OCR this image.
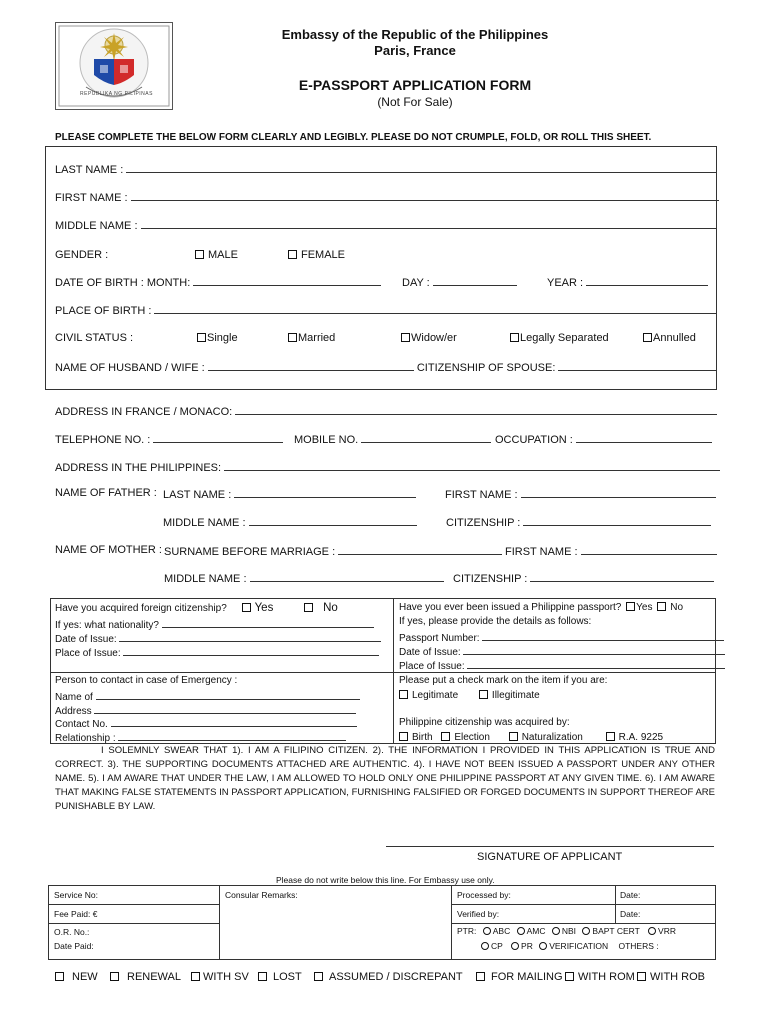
REPUBLIKA NG PILIPINAS
Embassy of the Republic of the Philippines
Paris, France
E-PASSPORT APPLICATION FORM
(Not For Sale)
PLEASE COMPLETE THE BELOW FORM CLEARLY AND LEGIBLY. PLEASE DO NOT CRUMPLE, FOLD, OR ROLL THIS SHEET.
LAST NAME :
FIRST NAME :
MIDDLE NAME :
GENDER :	MALE	FEMALE
DATE OF BIRTH : MONTH:	DAY :	YEAR :
PLACE OF BIRTH :
CIVIL STATUS :	Single	Married	Widow/er	Legally Separated	Annulled
NAME OF HUSBAND / WIFE :	CITIZENSHIP OF SPOUSE:
ADDRESS IN FRANCE / MONACO:
TELEPHONE NO. :	MOBILE NO.	OCCUPATION :
ADDRESS IN THE PHILIPPINES:
NAME OF FATHER : LAST NAME :	FIRST NAME :
MIDDLE NAME :	CITIZENSHIP :
NAME OF MOTHER : SURNAME BEFORE MARRIAGE :	FIRST NAME :
MIDDLE NAME :	CITIZENSHIP :
Have you acquired foreign citizenship? Yes	No
If yes: what nationality?
Date of Issue:
Place of Issue:
Have you ever been issued a Philippine passport? Yes No
If yes, please provide the details as follows:
Passport Number:
Date of Issue:
Place of Issue:
Person to contact in case of Emergency :
Name of
Address
Contact No.
Relationship :
Please put a check mark on the item if you are:
Legitimate	Illegitimate
Philippine citizenship was acquired by:
Birth Election	Naturalization	R.A. 9225
I SOLEMNLY SWEAR THAT 1). I AM A FILIPINO CITIZEN. 2). THE INFORMATION I PROVIDED IN THIS APPLICATION IS TRUE AND CORRECT. 3). THE SUPPORTING DOCUMENTS ATTACHED ARE AUTHENTIC. 4). I HAVE NOT BEEN ISSUED A PASSPORT UNDER ANY OTHER NAME. 5). I AM AWARE THAT UNDER THE LAW, I AM ALLOWED TO HOLD ONLY ONE PHILIPPINE PASSPORT AT ANY GIVEN TIME. 6). I AM AWARE THAT MAKING FALSE STATEMENTS IN PASSPORT APPLICATION, FURNISHING FALSIFIED OR FORGED DOCUMENTS IN SUPPORT THEREOF ARE PUNISHABLE BY LAW.
SIGNATURE OF APPLICANT
Please do not write below this line. For Embassy use only.
Service No:	Consular Remarks:	Processed by:	Date:
Fee Paid: €	Verified by:	Date:
O.R. No.:
Date Paid:
PTR: ABC AMC NBI BAPT CERT VRR
CP PR VERIFICATION OTHERS :
NEW	RENEWAL	WITH SV	LOST	ASSUMED / DISCREPANT	FOR MAILING	WITH ROM	WITH ROB
